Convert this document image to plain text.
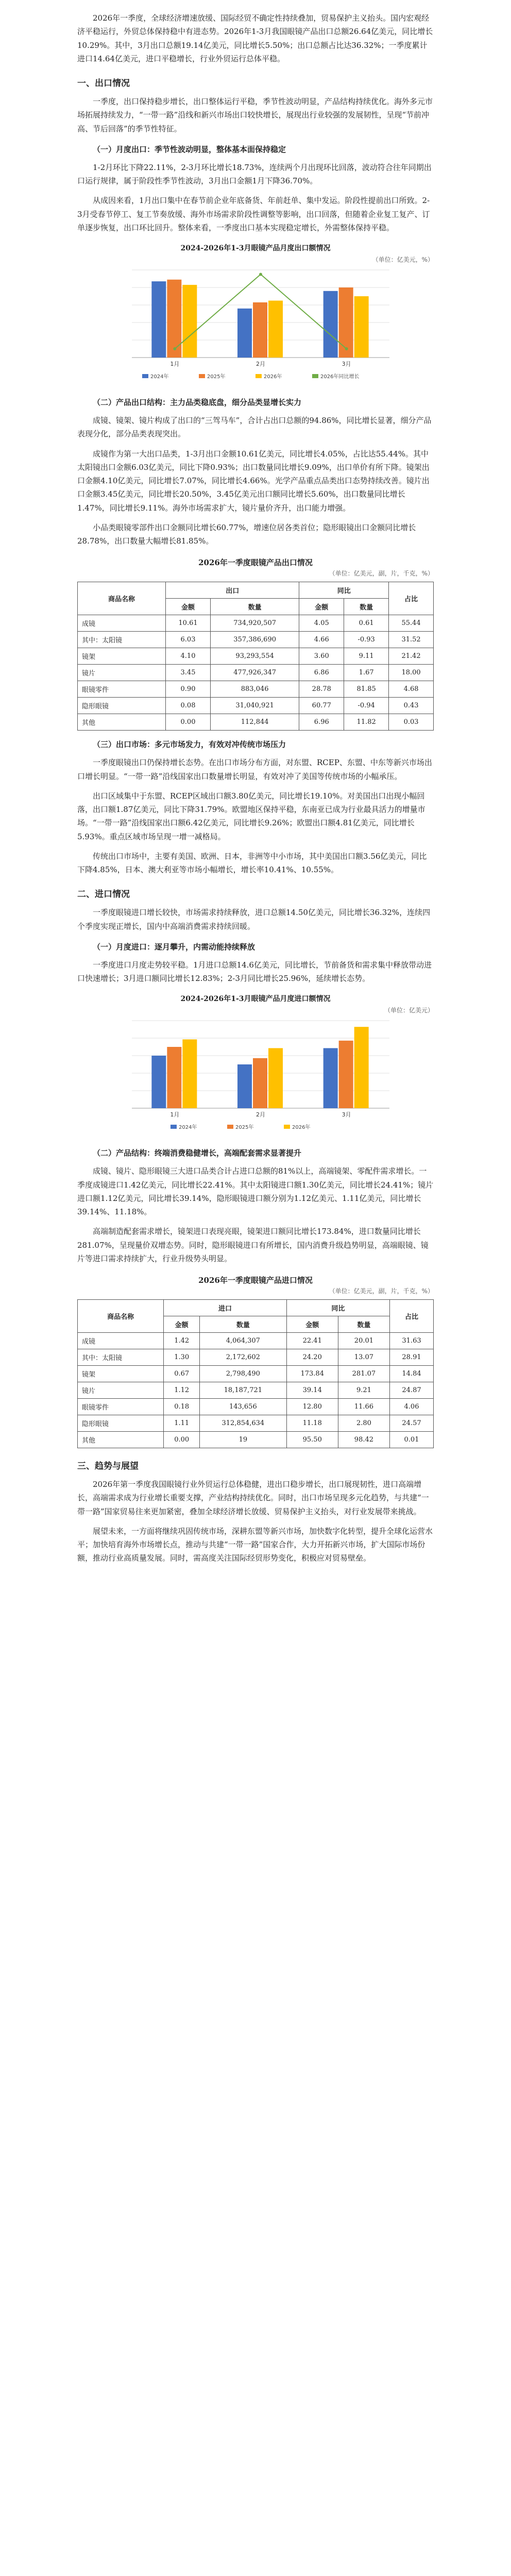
2026年一季度，全球经济增速放缓、国际经贸不确定性持续叠加，贸易保护主义抬头。国内宏观经济平稳运行，外贸总体保持稳中有进态势。2026年1-3月我国眼镜产品出口总额26.64亿美元，同比增长10.29%。其中，3月出口总额19.14亿美元，同比增长5.50%；出口总额占比达36.32%；一季度累计进口14.64亿美元，进口平稳增长，行业外贸运行总体平稳。

一、出口情况

一季度，出口保持稳步增长，出口整体运行平稳，季节性波动明显，产品结构持续优化。海外多元市场拓展持续发力，“一带一路”沿线和新兴市场出口较快增长，展现出行业较强的发展韧性，呈现“节前冲高、节后回落”的季节性特征。

（一）月度出口：季节性波动明显，整体基本面保持稳定

1-2月环比下降22.11%，2-3月环比增长18.73%，连续两个月出现环比回落，波动符合往年同期出口运行规律，属于阶段性季节性波动，3月出口金额1月下降36.70%。

从成因来看，1月出口集中在春节前企业年底备货、年前赶单、集中发运。阶段性提前出口所致。2-3月受春节停工、复工节奏放缓、海外市场需求阶段性调整等影响，出口回落，但随着企业复工复产、订单逐步恢复，出口环比回升。整体来看，一季度出口基本实现稳定增长，外需整体保持平稳。

2024-2026年1-3月眼镜产品月度出口额情况
（单位：亿美元，%）
1月	2月	3月
2024年	2025年	2026年	2026年同比增长
（二）产品出口结构：主力品类稳底盘，细分品类显增长实力

成镜、镜架、镜片构成了出口的“三驾马车”，合计占出口总额的94.86%，同比增长显著，细分产品表现分化，部分品类表现突出。

成镜作为第一大出口品类，1-3月出口金额10.61亿美元，同比增长4.05%，占比达55.44%。其中太阳镜出口金额6.03亿美元，同比下降0.93%；出口数量同比增长9.09%，出口单价有所下降。镜架出口金额4.10亿美元，同比增长7.07%，同比增长4.66%。光学产品重点品类出口态势持续改善。镜片出口金额3.45亿美元，同比增长20.50%，3.45亿美元出口额同比增长5.60%，出口数量同比增长1.47%，同比增长9.11%。海外市场需求扩大，镜片量价齐升，出口能力增强。

小品类眼镜零部件出口金额同比增长60.77%，增速位居各类首位；隐形眼镜出口金额同比增长28.78%，出口数量大幅增长81.85%。

2026年一季度眼镜产品出口情况
（单位：亿美元，副，片，千克，%）
商品名称	出口		同比		占比
	金额	数量	金额	数量	
成镜	10.61	734,920,507	4.05	0.61	55.44
其中：太阳镜	6.03	357,386,690	4.66	-0.93	31.52
镜架	4.10	93,293,554	3.60	9.11	21.42
镜片	3.45	477,926,347	6.86	1.67	18.00
眼镜零件	0.90	883,046	28.78	81.85	4.68
隐形眼镜	0.08	31,040,921	60.77	-0.94	0.43
其他	0.00	112,844	6.96	11.82	0.03
（三）出口市场：多元市场发力，有效对冲传统市场压力

一季度眼镜出口仍保持增长态势。在出口市场分布方面，对东盟、RCEP、东盟、中东等新兴市场出口增长明显。“一带一路”沿线国家出口数量增长明显，有效对冲了美国等传统市场的小幅承压。

出口区域集中于东盟、RCEP区域出口额3.80亿美元，同比增长19.10%。对美国出口出现小幅回落，出口额1.87亿美元，同比下降31.79%。欧盟地区保持平稳，东南亚已成为行业最具活力的增量市场。“一带一路”沿线国家出口额6.42亿美元，同比增长9.26%；欧盟出口额4.81亿美元，同比增长5.93%。重点区域市场呈现一增一减格局。

传统出口市场中，主要有美国、欧洲、日本，非洲等中小市场，其中美国出口额3.56亿美元，同比下降4.85%，日本、澳大利亚等市场小幅增长，增长率10.41%、10.55%。

二、进口情况

一季度眼镜进口增长较快，市场需求持续释放，进口总额14.50亿美元，同比增长36.32%，连续四个季度实现正增长，国内中高端消费需求持续回暖。

（一）月度进口：逐月攀升，内需动能持续释放

一季度进口月度走势较平稳。1月进口总额14.6亿美元，同比增长，节前备货和需求集中释放带动进口快速增长；3月进口额同比增长12.83%；2-3月同比增长25.96%，延续增长态势。

2024-2026年1-3月眼镜产品月度进口额情况
（单位：亿美元）
1月	2月	3月
2024年	2025年	2026年
（二）产品结构：终端消费稳健增长，高端配套需求显著提升

成镜、镜片、隐形眼镜三大进口品类合计占进口总额的81%以上，高端镜架、零配件需求增长。一季度成镜进口1.42亿美元，同比增长22.41%。其中太阳镜进口额1.30亿美元，同比增长24.41%；镜片进口额1.12亿美元，同比增长39.14%，隐形眼镜进口额分别为1.12亿美元、1.11亿美元，同比增长39.14%、11.18%。

高端制造配套需求增长，镜架进口表现亮眼，镜架进口额同比增长173.84%，进口数量同比增长281.07%，呈现量价双增态势。同时，隐形眼镜进口有所增长，国内消费升级趋势明显，高端眼镜、镜片等进口需求持续扩大，行业升级势头明显。

2026年一季度眼镜产品进口情况
（单位：亿美元，副，片，千克，%）
商品名称	进口		同比		占比
	金额	数量	金额	数量	
成镜	1.42	4,064,307	22.41	20.01	31.63
其中：太阳镜	1.30	2,172,602	24.20	13.07	28.91
镜架	0.67	2,798,490	173.84	281.07	14.84
镜片	1.12	18,187,721	39.14	9.21	24.87
眼镜零件	0.18	143,656	12.80	11.66	4.06
隐形眼镜	1.11	312,854,634	11.18	2.80	24.57
其他	0.00	19	95.50	98.42	0.01
三、趋势与展望

2026年第一季度我国眼镜行业外贸运行总体稳健，进出口稳步增长，出口展现韧性，进口高端增长，高端需求成为行业增长重要支撑，产业结构持续优化。同时，出口市场呈现多元化趋势，与共建“一带一路”国家贸易往来更加紧密，叠加全球经济增长放缓、贸易保护主义抬头，对行业发展带来挑战。

展望未来，一方面将继续巩固传统市场，深耕东盟等新兴市场，加快数字化转型，提升全球化运营水平；加快培育海外市场增长点，推动与共建“一带一路”国家合作，大力开拓新兴市场，扩大国际市场份额，推动行业高质量发展。同时，需高度关注国际经贸形势变化，积极应对贸易壁垒。
